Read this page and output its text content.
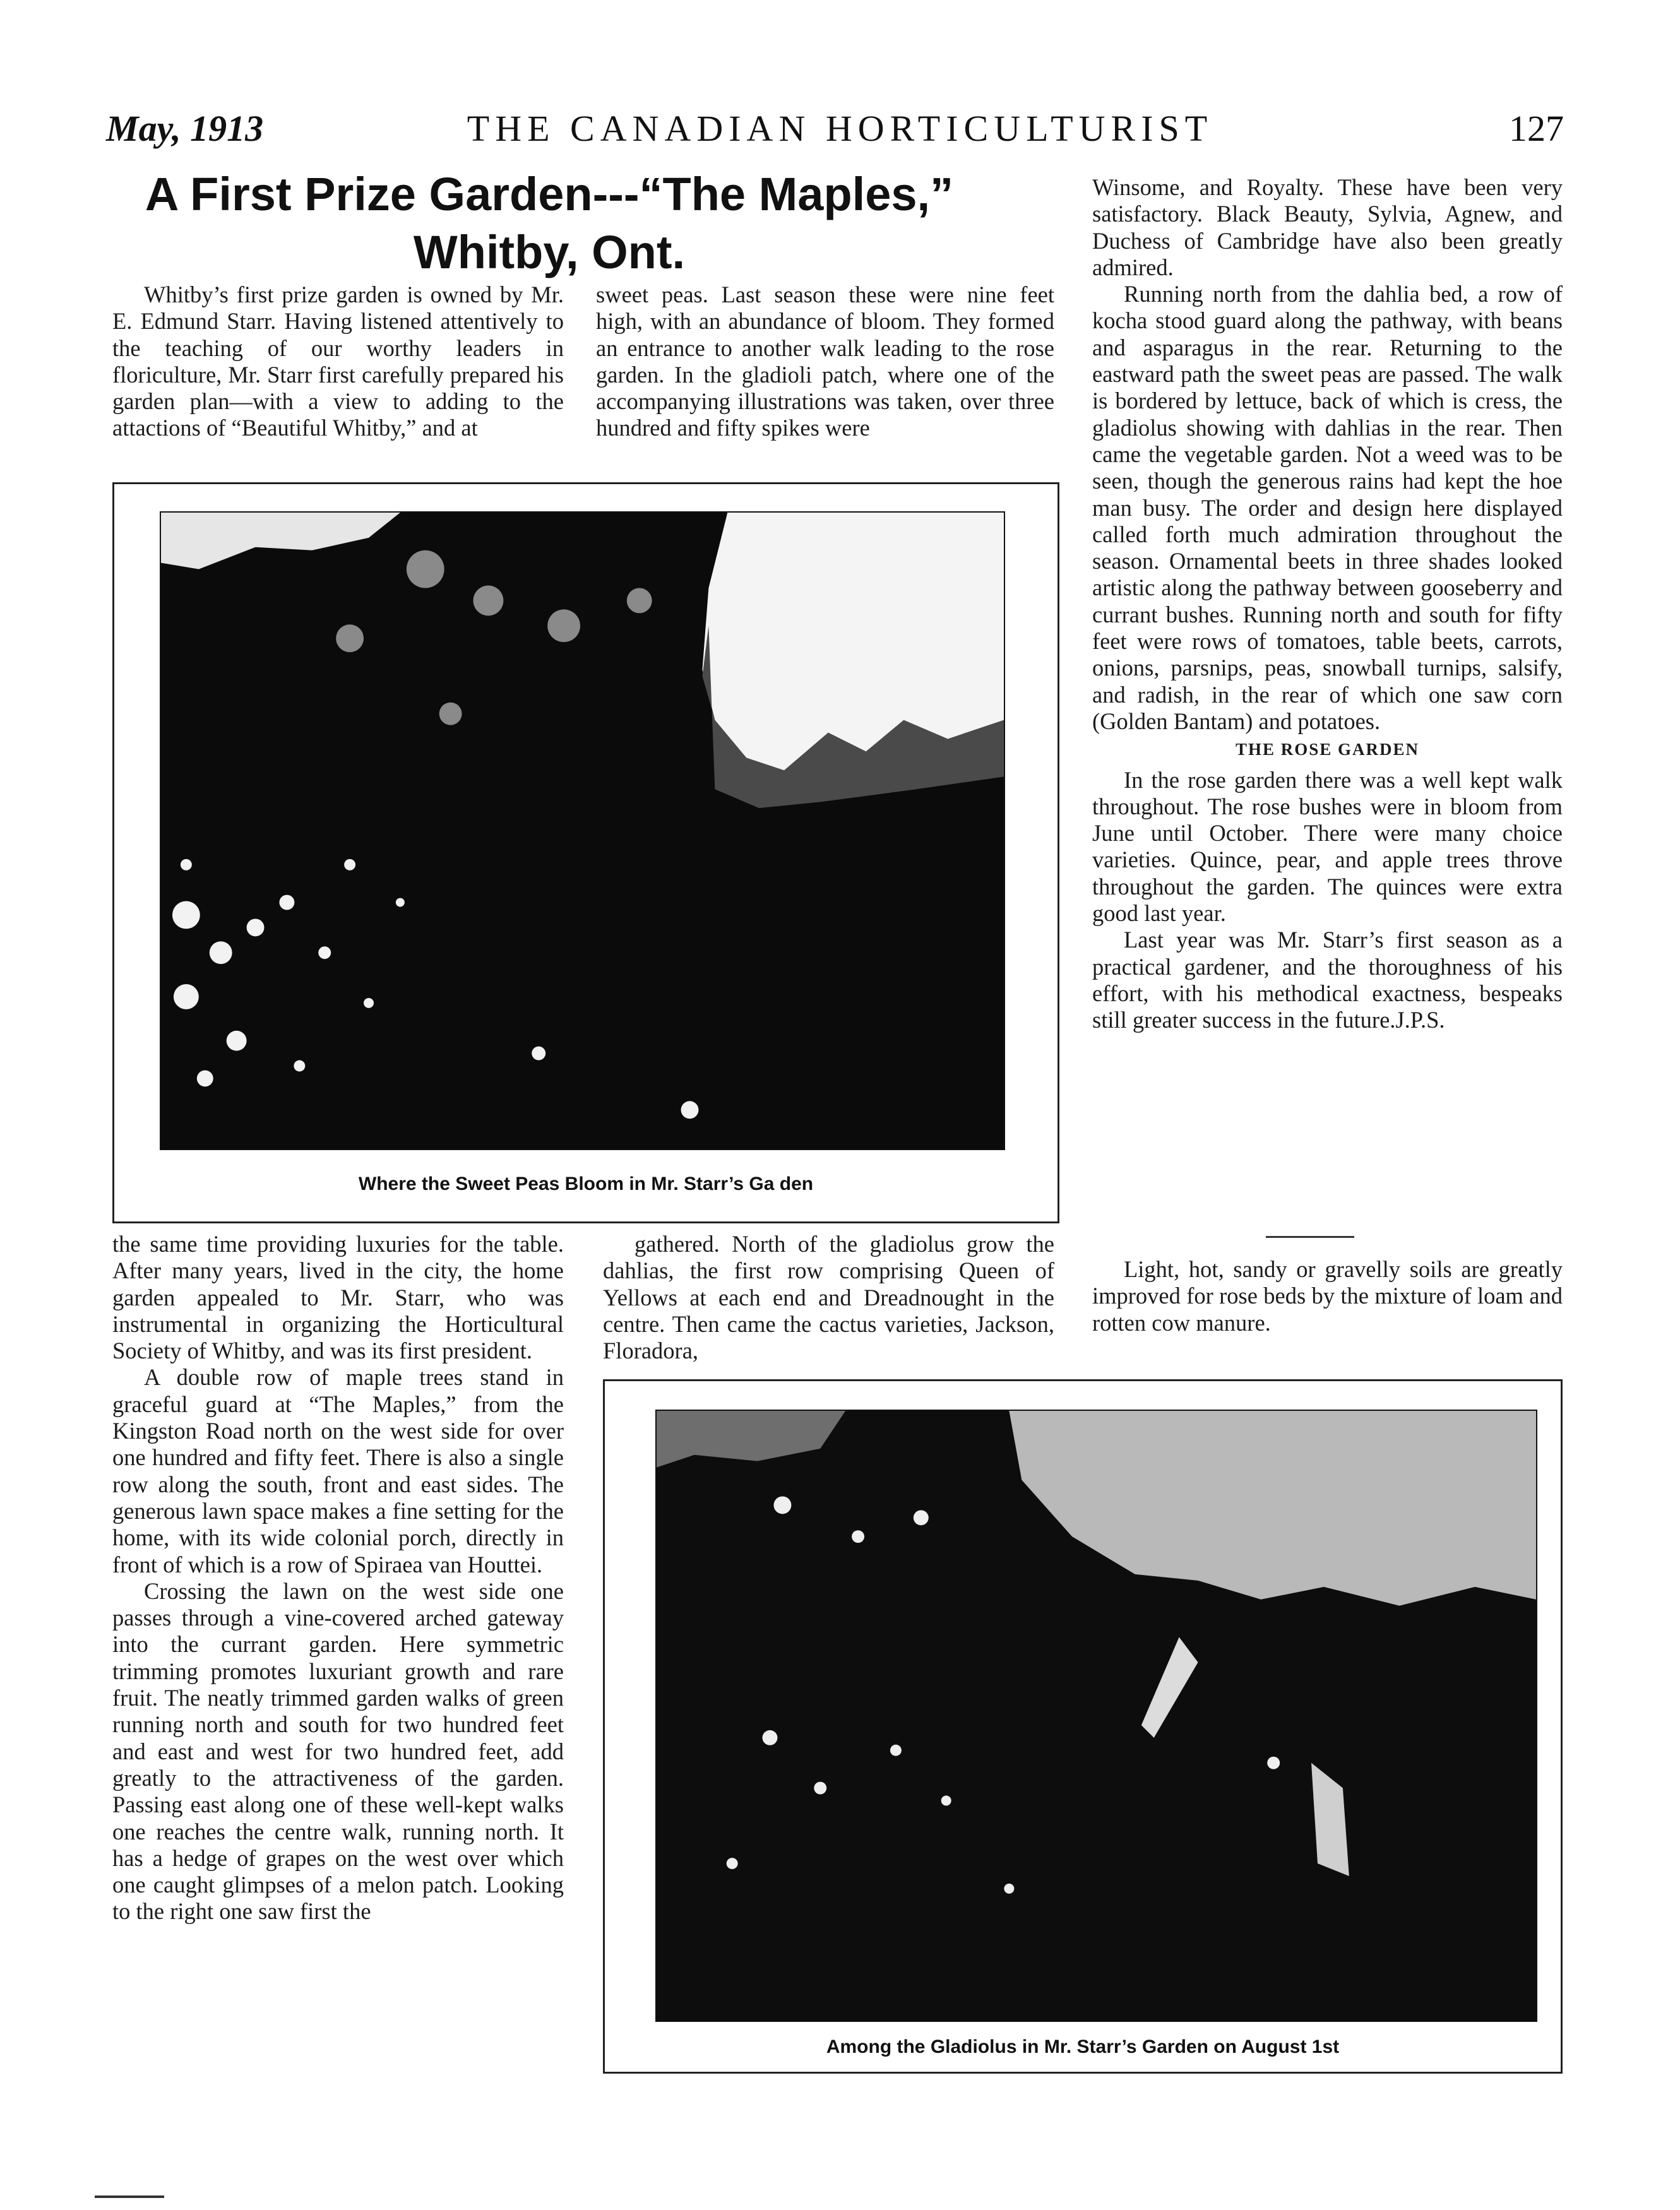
May, 1913	THE CANADIAN HORTICULTURIST	127
A First Prize Garden---“The Maples,”
Whitby, Ont.

Whitby’s first prize garden is owned by Mr. E. Edmund Starr. Having listened attentively to the teaching of our worthy leaders in floriculture, Mr. Starr first carefully prepared his garden plan—with a view to adding to the attactions of “Beautiful Whitby,” and at

sweet peas. Last season these were nine feet high, with an abundance of bloom. They formed an entrance to another walk leading to the rose garden. In the gladioli patch, where one of the accompanying illustrations was taken, over three hundred and fifty spikes were

Where the Sweet Peas Bloom in Mr. Starr’s Ga den

the same time providing luxuries for the table. After many years, lived in the city, the home garden appealed to Mr. Starr, who was instrumental in organizing the Horticultural Society of Whitby, and was its first president.

A double row of maple trees stand in graceful guard at “The Maples,” from the Kingston Road north on the west side for over one hundred and fifty feet. There is also a single row along the south, front and east sides. The generous lawn space makes a fine setting for the home, with its wide colonial porch, directly in front of which is a row of Spiraea van Houttei.

Crossing the lawn on the west side one passes through a vine-covered arched gateway into the currant garden. Here symmetric trimming promotes luxuriant growth and rare fruit. The neatly trimmed garden walks of green running north and south for two hundred feet and east and west for two hundred feet, add greatly to the attractiveness of the garden. Passing east along one of these well-kept walks one reaches the centre walk, running north. It has a hedge of grapes on the west over which one caught glimpses of a melon patch. Looking to the right one saw first the

gathered. North of the gladiolus grow the dahlias, the first row comprising Queen of Yellows at each end and Dreadnought in the centre. Then came the cactus varieties, Jackson, Floradora,

Winsome, and Royalty. These have been very satisfactory. Black Beauty, Sylvia, Agnew, and Duchess of Cambridge have also been greatly admired.

Running north from the dahlia bed, a row of kocha stood guard along the pathway, with beans and asparagus in the rear. Returning to the eastward path the sweet peas are passed. The walk is bordered by lettuce, back of which is cress, the gladiolus showing with dahlias in the rear. Then came the vegetable garden. Not a weed was to be seen, though the generous rains had kept the hoe man busy. The order and design here displayed called forth much admiration throughout the season. Ornamental beets in three shades looked artistic along the pathway between gooseberry and currant bushes. Running north and south for fifty feet were rows of tomatoes, table beets, carrots, onions, parsnips, peas, snowball turnips, salsify, and radish, in the rear of which one saw corn (Golden Bantam) and potatoes.

THE ROSE GARDEN

In the rose garden there was a well kept walk throughout. The rose bushes were in bloom from June until October. There were many choice varieties. Quince, pear, and apple trees throve throughout the garden. The quinces were extra good last year.

Last year was Mr. Starr’s first season as a practical gardener, and the thoroughness of his effort, with his methodical exactness, bespeaks still greater success in the future.J.P.S.

Light, hot, sandy or gravelly soils are greatly improved for rose beds by the mixture of loam and rotten cow manure.

Among the Gladiolus in Mr. Starr’s Garden on August 1st
